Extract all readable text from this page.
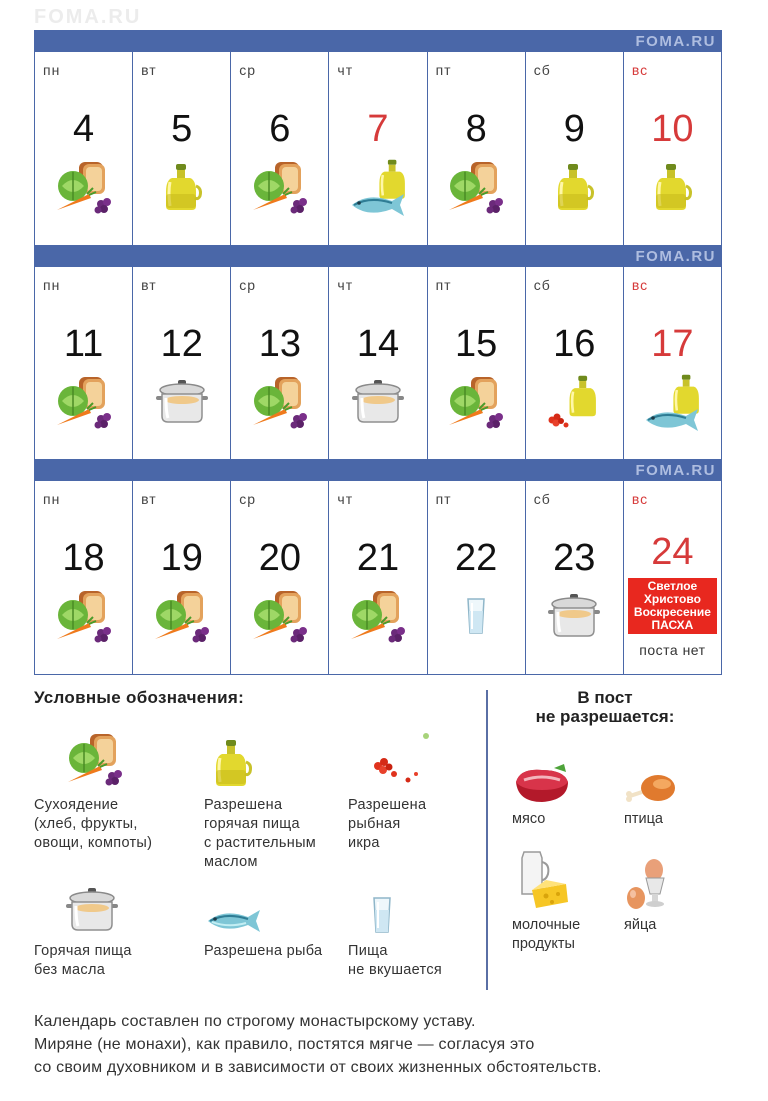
FOMA.RU
FOMA.RU
пн
4
вт
5
ср
6
чт
7
пт
8
сб
9
вс
10
FOMA.RU
пн
11
вт
12
ср
13
чт
14
пт
15
сб
16
вс
17
FOMA.RU
пн
18
вт
19
ср
20
чт
21
пт
22
сб
23
вс
24
Светлое
Христово
Воскресение
ПАСХА
поста нет
Условные обозначения:
Сухоядение
(хлеб, фрукты,
овощи, компоты)
Разрешена
горячая пища
с растительным
маслом
Разрешена
рыбная
икра
Горячая пища
без масла
Разрешена рыба	Пища
не вкушается
В пост
не разрешается:
мясо	птица
молочные
продукты
яйца
Календарь составлен по строгому монастырскому уставу.
Миряне (не монахи), как правило, постятся мягче — согласуя это
со своим духовником и в зависимости от своих жизненных обстоятельств.
